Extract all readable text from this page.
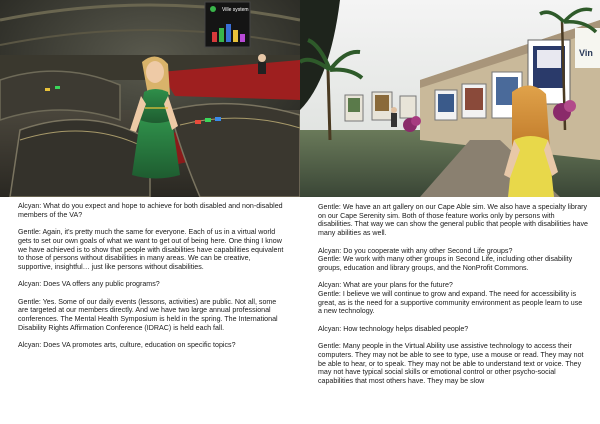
Ville system

Alcyan: What do you expect and hope to achieve for both disabled and non-disabled members of the VA?

Gentle: Again, it's pretty much the same for everyone. Each of us in a virtual world gets to set our own goals of what we want to get out of being here. One thing I know we have achieved is to show that people with disabilities have capabilities equivalent to those of persons without disabilities in many areas. We can be creative, supportive, insightful… just like persons without disabilities.

Alcyan: Does VA offers any public programs?

Gentle: Yes. Some of our daily events (lessons, activities) are public. Not all, some are targeted at our members directly. And we have two large annual professional conferences. The Mental Health Symposium is held in the spring. The International Disability Rights Affirmation Conference (IDRAC) is held each fall.

Alcyan: Does VA promotes arts, culture, education on specific topics?

Vin

Gentle: We have an art gallery on our Cape Able sim. We also have a specialty library on our Cape Serenity sim. Both of those feature works only by persons with disabilities. That way we can show the general public that people with disabilities have many abilities as well.

Alcyan: Do you cooperate with any other Second Life groups?

Gentle: We work with many other groups in Second Life, including other disability groups, education and library groups, and the NonProfit Commons.

Alcyan: What are your plans for the future?

Gentle: I believe we will continue to grow and expand. The need for accessibility is great, as is the need for a supportive community environment as people learn to use a new technology.

Alcyan: How technology helps disabled people?

Gentle: Many people in the Virtual Ability use assistive technology to access their computers. They may not be able to see to type, use a mouse or read. They may not be able to hear, or to speak. They may not be able to understand text or voice. They may not have typical social skills or emotional control or other psycho-social capabilities that most others have. They may be slow
